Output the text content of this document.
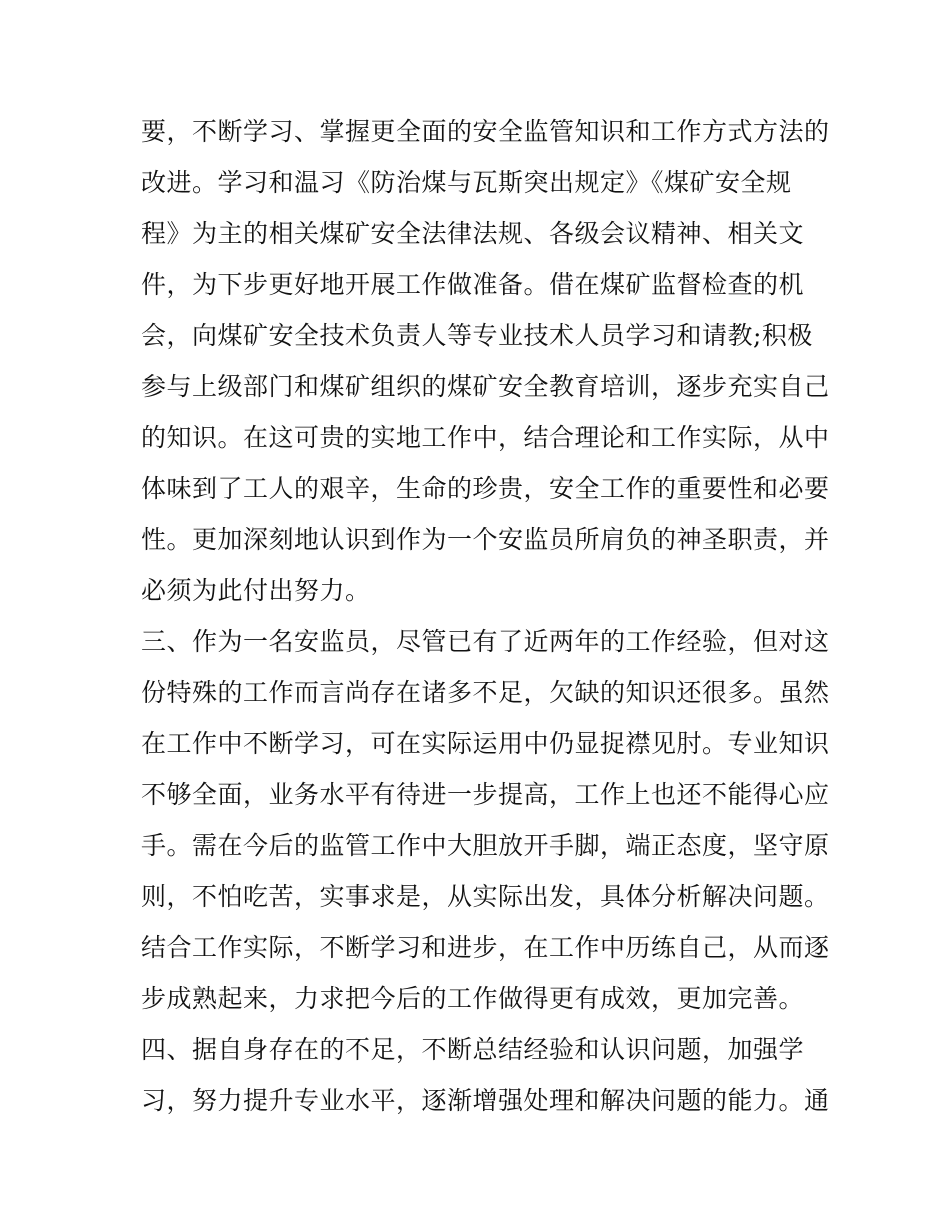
要，不断学习、掌握更全面的安全监管知识和工作方式方法的
改进。学习和温习《防治煤与瓦斯突出规定》《煤矿安全规
程》为主的相关煤矿安全法律法规、各级会议精神、相关文
件，为下步更好地开展工作做准备。借在煤矿监督检查的机
会，向煤矿安全技术负责人等专业技术人员学习和请教;积极
参与上级部门和煤矿组织的煤矿安全教育培训，逐步充实自己
的知识。在这可贵的实地工作中，结合理论和工作实际，从中
体味到了工人的艰辛，生命的珍贵，安全工作的重要性和必要
性。更加深刻地认识到作为一个安监员所肩负的神圣职责，并
必须为此付出努力。
三、作为一名安监员，尽管已有了近两年的工作经验，但对这
份特殊的工作而言尚存在诸多不足，欠缺的知识还很多。虽然
在工作中不断学习，可在实际运用中仍显捉襟见肘。专业知识
不够全面，业务水平有待进一步提高，工作上也还不能得心应
手。需在今后的监管工作中大胆放开手脚，端正态度，坚守原
则，不怕吃苦，实事求是，从实际出发，具体分析解决问题。
结合工作实际，不断学习和进步，在工作中历练自己，从而逐
步成熟起来，力求把今后的工作做得更有成效，更加完善。
四、据自身存在的不足，不断总结经验和认识问题，加强学
习，努力提升专业水平，逐渐增强处理和解决问题的能力。通
